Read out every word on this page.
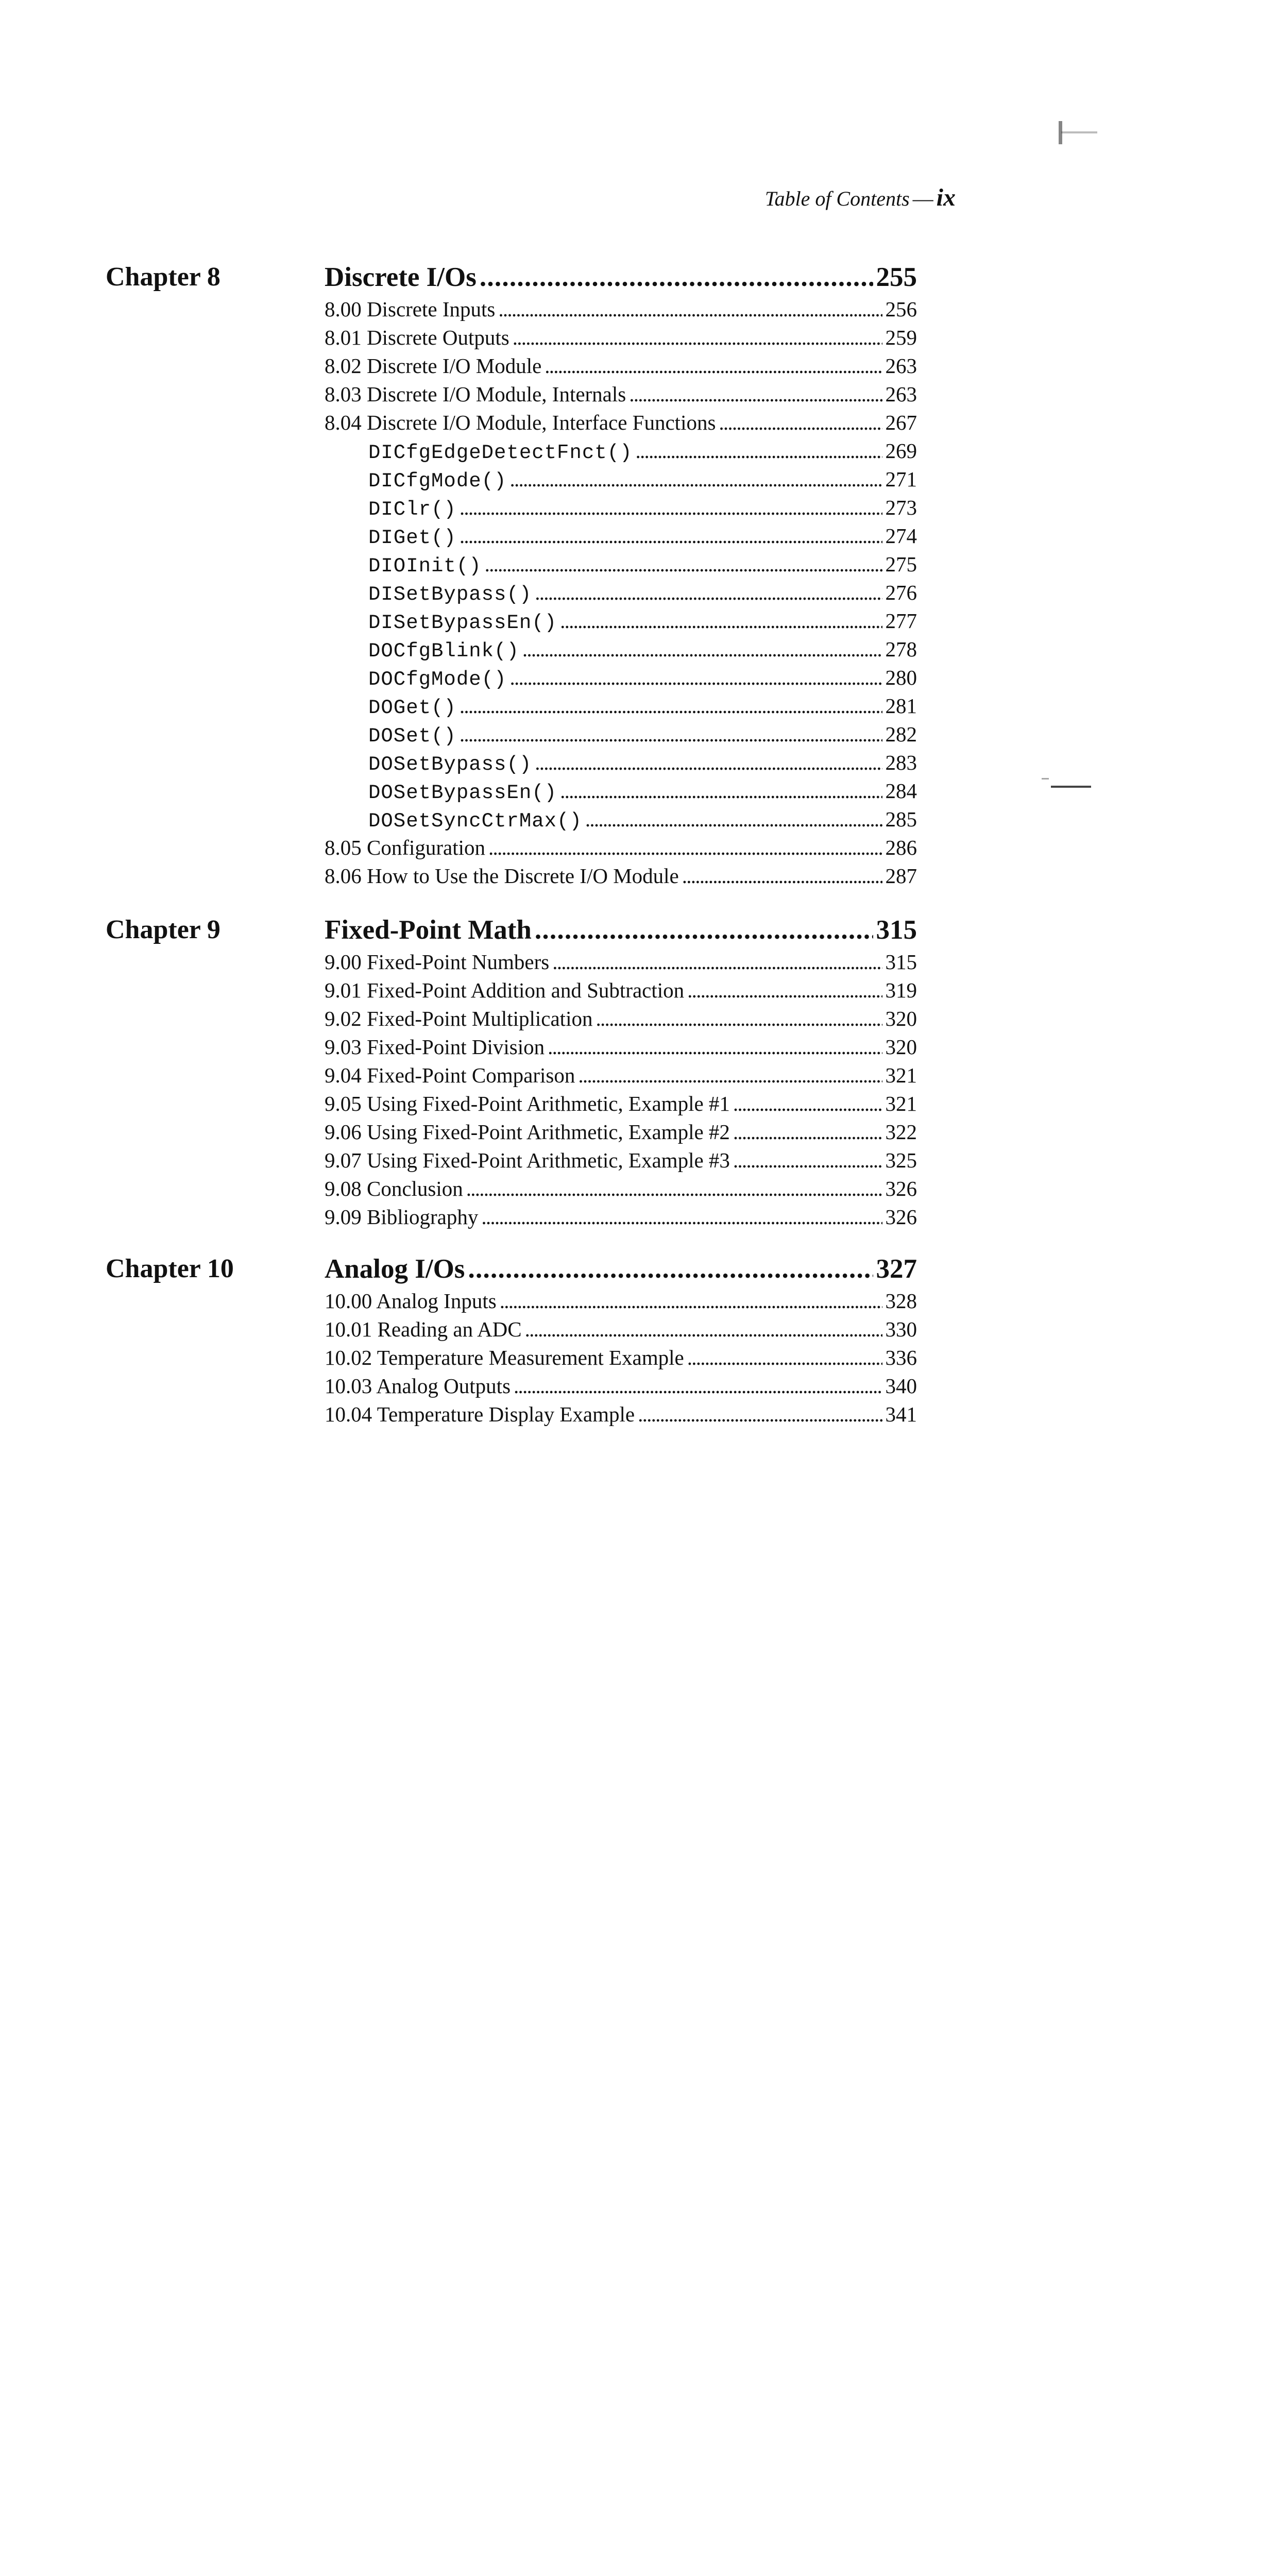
Table of Contents — ix
Chapter 8	Discrete I/Os . . .	255
8.00 Discrete Inputs . . .	256
8.01 Discrete Outputs . . .	259
8.02 Discrete I/O Module . . .	263
8.03 Discrete I/O Module, Internals . . .	263
8.04 Discrete I/O Module, Interface Functions . . .	267
DICfgEdgeDetectFnct() . . .	269
DICfgMode() . . .	271
DIClr() . . .	273
DIGet() . . .	274
DIOInit() . . .	275
DISetBypass() . . .	276
DISetBypassEn() . . .	277
DOCfgBlink() . . .	278
DOCfgMode() . . .	280
DOGet() . . .	281
DOSet() . . .	282
DOSetBypass() . . .	283
DOSetBypassEn() . . .	284
DOSetSyncCtrMax() . . .	285
8.05 Configuration . . .	286
8.06 How to Use the Discrete I/O Module . . .	287
Chapter 9	Fixed-Point Math . . .	315
9.00 Fixed-Point Numbers . . .	315
9.01 Fixed-Point Addition and Subtraction . . .	319
9.02 Fixed-Point Multiplication . . .	320
9.03 Fixed-Point Division . . .	320
9.04 Fixed-Point Comparison . . .	321
9.05 Using Fixed-Point Arithmetic, Example #1 . . .	321
9.06 Using Fixed-Point Arithmetic, Example #2 . . .	322
9.07 Using Fixed-Point Arithmetic, Example #3 . . .	325
9.08 Conclusion . . .	326
9.09 Bibliography . . .	326
Chapter 10	Analog I/Os . . .	327
10.00 Analog Inputs . . .	328
10.01 Reading an ADC . . .	330
10.02 Temperature Measurement Example . . .	336
10.03 Analog Outputs . . .	340
10.04 Temperature Display Example . . .	341
